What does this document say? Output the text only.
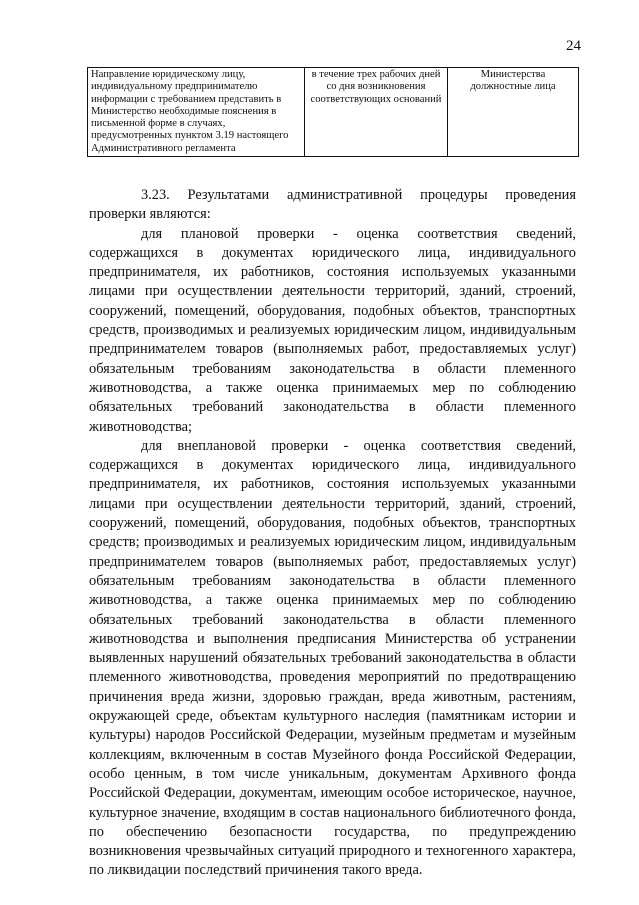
24
Направление юридическому лицу, индивидуальному предпринимателю информации с требованием представить в Министерство необходимые пояснения в письменной форме в случаях, предусмотренных пунктом 3.19 настоящего Административного регламента	в течение трех рабочих дней со дня возникновения соответствующих оснований	Министерства должностные лица

3.23. Результатами административной процедуры проведения проверки являются:

для плановой проверки - оценка соответствия сведений, содержащихся в документах юридического лица, индивидуального предпринимателя, их работников, состояния используемых указанными лицами при осуществлении деятельности территорий, зданий, строений, сооружений, помещений, оборудования, подобных объектов, транспортных средств, производимых и реализуемых юридическим лицом, индивидуальным предпринимателем товаров (выполняемых работ, предоставляемых услуг) обязательным требованиям законодательства в области племенного животноводства, а также оценка принимаемых мер по соблюдению обязательных требований законодательства в области племенного животноводства;

для внеплановой проверки - оценка соответствия сведений, содержащихся в документах юридического лица, индивидуального предпринимателя, их работников, состояния используемых указанными лицами при осуществлении деятельности территорий, зданий, строений, сооружений, помещений, оборудования, подобных объектов, транспортных средств; производимых и реализуемых юридическим лицом, индивидуальным предпринимателем товаров (выполняемых работ, предоставляемых услуг) обязательным требованиям законодательства в области племенного животноводства, а также оценка принимаемых мер по соблюдению обязательных требований законодательства в области племенного животноводства и выполнения предписания Министерства об устранении выявленных нарушений обязательных требований законодательства в области племенного животноводства, проведения мероприятий по предотвращению причинения вреда жизни, здоровью граждан, вреда животным, растениям, окружающей среде, объектам культурного наследия (памятникам истории и культуры) народов Российской Федерации, музейным предметам и музейным коллекциям, включенным в состав Музейного фонда Российской Федерации, особо ценным, в том числе уникальным, документам Архивного фонда Российской Федерации, документам, имеющим особое историческое, научное, культурное значение, входящим в состав национального библиотечного фонда, по обеспечению безопасности государства, по предупреждению возникновения чрезвычайных ситуаций природного и техногенного характера, по ликвидации последствий причинения такого вреда.
